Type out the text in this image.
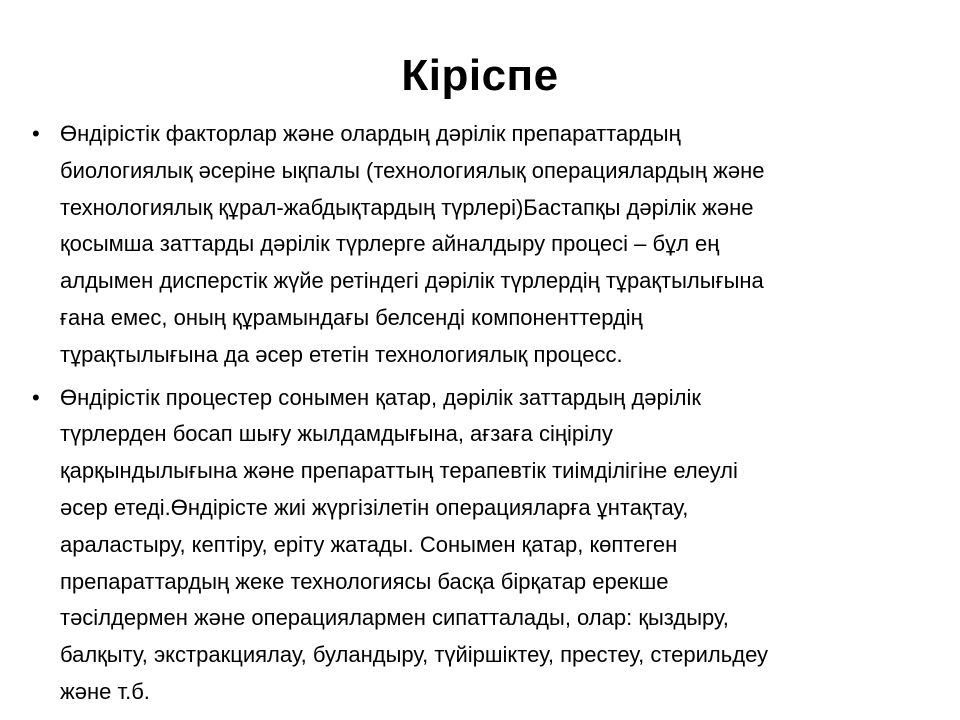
Кіріспе
• Өндірістік факторлар және олардың дәрілік препараттардың
биологиялық әсеріне ықпалы (технологиялық операциялардың және
технологиялық құрал-жабдықтардың түрлері)Бастапқы дәрілік және
қосымша заттарды дәрілік түрлерге айналдыру процесі – бұл ең
алдымен дисперстік жүйе ретіндегі дәрілік түрлердің тұрақтылығына
ғана емес, оның құрамындағы белсенді компоненттердің
тұрақтылығына да әсер ететін технологиялық процесс.
• Өндірістік процестер сонымен қатар, дәрілік заттардың дәрілік
түрлерден босап шығу жылдамдығына, ағзаға сіңірілу
қарқындылығына және препараттың терапевтік тиімділігіне елеулі
әсер етеді.Өндірісте жиі жүргізілетін операцияларға ұнтақтау,
араластыру, кептіру, еріту жатады. Сонымен қатар, көптеген
препараттардың жеке технологиясы басқа бірқатар ерекше
тәсілдермен және операциялармен сипатталады, олар: қыздыру,
балқыту, экстракциялау, буландыру, түйіршіктеу, престеу, стерильдеу
және т.б.
